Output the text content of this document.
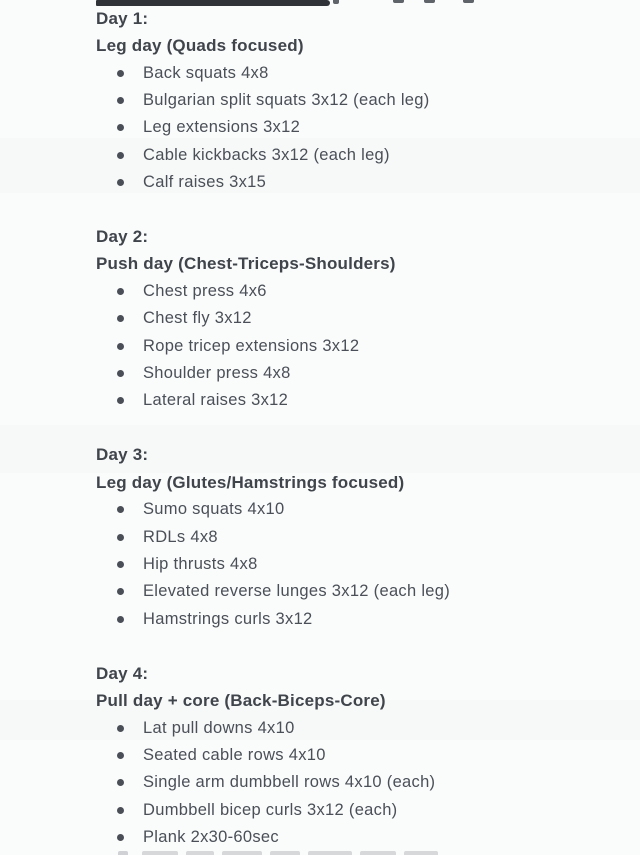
Day 1:
Leg day (Quads focused)
Back squats 4x8
Bulgarian split squats 3x12 (each leg)
Leg extensions 3x12
Cable kickbacks 3x12 (each leg)
Calf raises 3x15
Day 2:
Push day (Chest-Triceps-Shoulders)
Chest press 4x6
Chest fly 3x12
Rope tricep extensions 3x12
Shoulder press 4x8
Lateral raises 3x12
Day 3:
Leg day (Glutes/Hamstrings focused)
Sumo squats 4x10
RDLs 4x8
Hip thrusts 4x8
Elevated reverse lunges 3x12 (each leg)
Hamstrings curls 3x12
Day 4:
Pull day + core (Back-Biceps-Core)
Lat pull downs 4x10
Seated cable rows 4x10
Single arm dumbbell rows 4x10 (each)
Dumbbell bicep curls 3x12 (each)
Plank 2x30-60sec
